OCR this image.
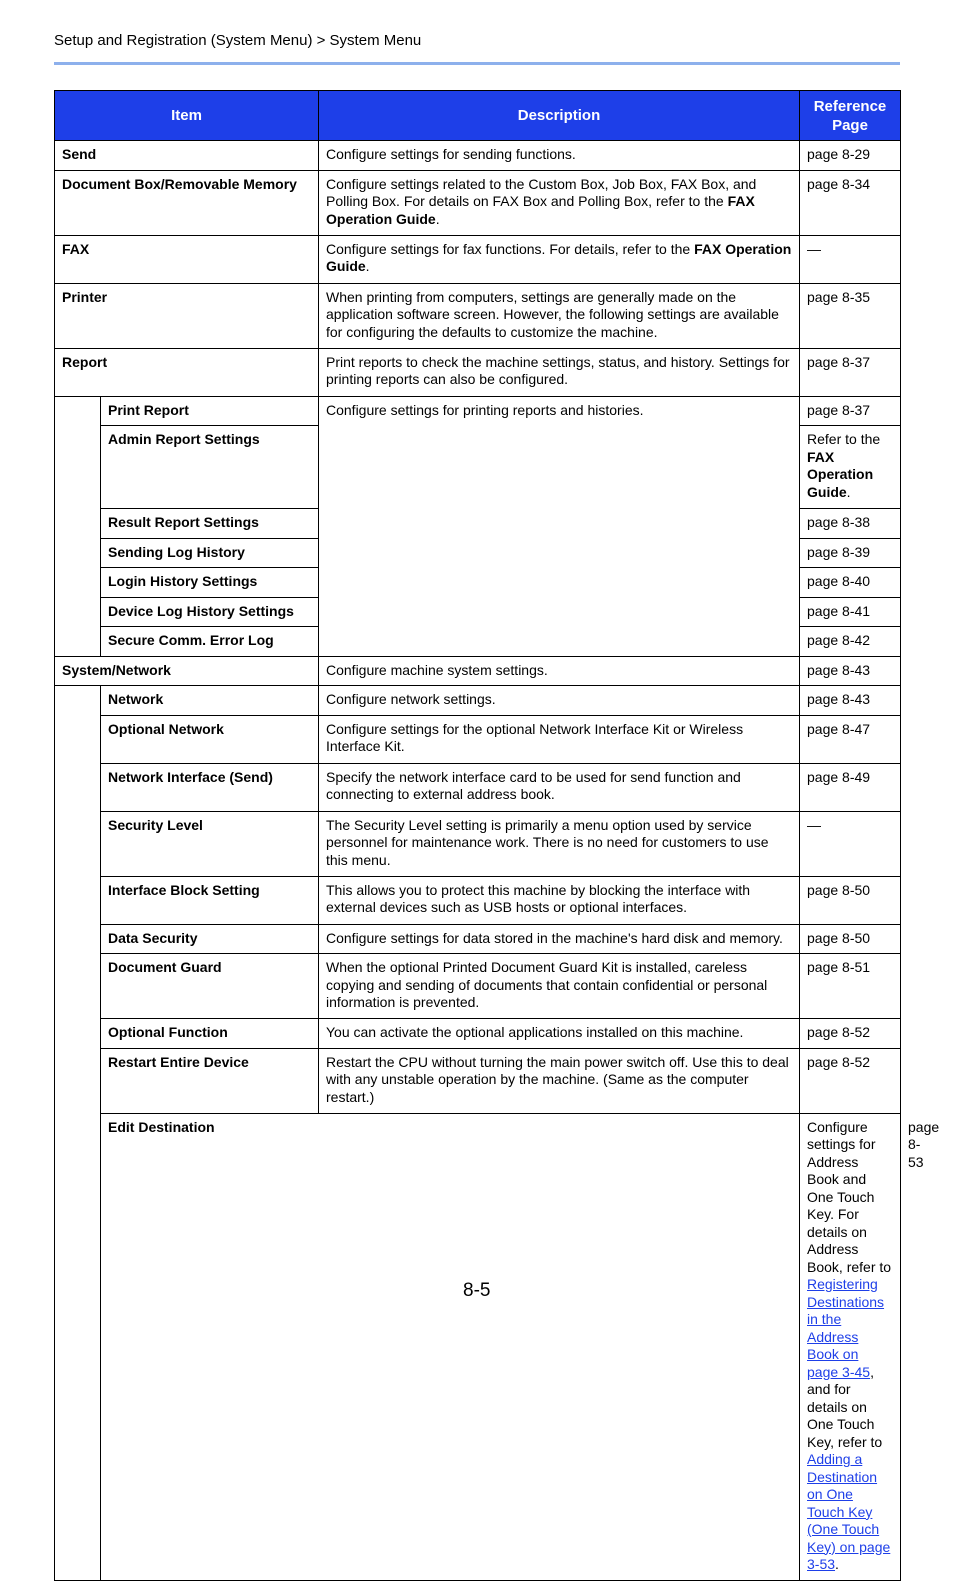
Setup and Registration (System Menu) > System Menu
Item		Description	Reference Page	
Send		Configure settings for sending functions.	page 8-29	
Document Box/Removable Memory		Configure settings related to the Custom Box, Job Box, FAX Box, and Polling Box. For details on FAX Box and Polling Box, refer to the FAX Operation Guide.	page 8-34	
FAX		Configure settings for fax functions. For details, refer to the FAX Operation Guide.	—	
Printer		When printing from computers, settings are generally made on the application software screen. However, the following settings are available for configuring the defaults to customize the machine.	page 8-35	
Report		Print reports to check the machine settings, status, and history. Settings for printing reports can also be configured.	page 8-37	
	Print Report	Configure settings for printing reports and histories.	page 8-37	
	Admin Report Settings		Refer to the FAX Operation Guide.	
	Result Report Settings		page 8-38	
	Sending Log History		page 8-39	
	Login History Settings		page 8-40	
	Device Log History Settings		page 8-41	
	Secure Comm. Error Log		page 8-42	
System/Network		Configure machine system settings.	page 8-43	
	Network	Configure network settings.	page 8-43	
	Optional Network	Configure settings for the optional Network Interface Kit or Wireless Interface Kit.	page 8-47	
	Network Interface (Send)	Specify the network interface card to be used for send function and connecting to external address book.	page 8-49	
	Security Level	The Security Level setting is primarily a menu option used by service personnel for maintenance work. There is no need for customers to use this menu.	—	
	Interface Block Setting	This allows you to protect this machine by blocking the interface with external devices such as USB hosts or optional interfaces.	page 8-50	
	Data Security	Configure settings for data stored in the machine's hard disk and memory.	page 8-50	
	Document Guard	When the optional Printed Document Guard Kit is installed, careless copying and sending of documents that contain confidential or personal information is prevented.	page 8-51	
	Optional Function	You can activate the optional applications installed on this machine.	page 8-52	
	Restart Entire Device	Restart the CPU without turning the main power switch off. Use this to deal with any unstable operation by the machine. (Same as the computer restart.)	page 8-52	
	Edit Destination		Configure settings for Address Book and One Touch Key. For details on Address Book, refer to Registering Destinations in the Address Book on page 3-45, and for details on One Touch Key, refer to Adding a Destination on One Touch Key (One Touch Key) on page 3-53.	page 8-53
8-5
